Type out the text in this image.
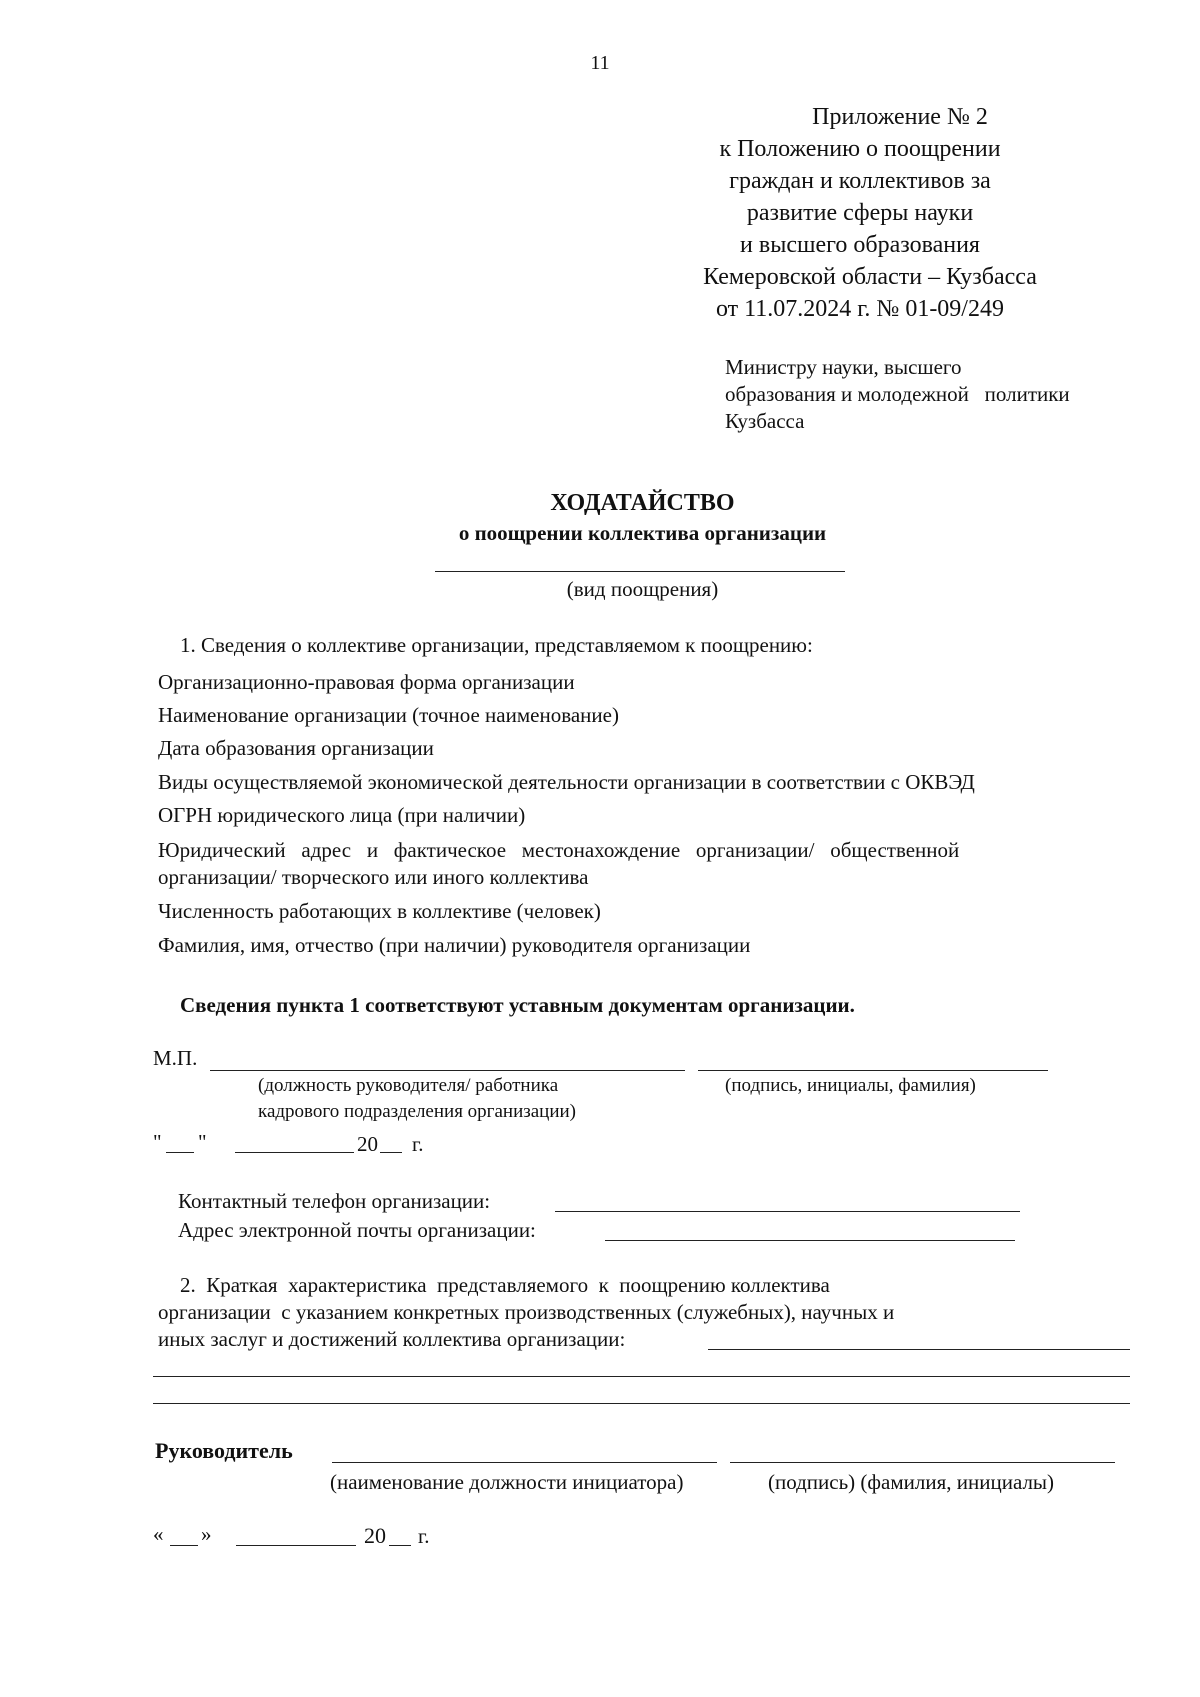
11
Приложение № 2
к Положению о поощрении
граждан и коллективов за
развитие сферы науки
и высшего образования
Кемеровской области – Кузбасса
от 11.07.2024 г. № 01-09/249
Министру науки, высшего
образования и молодежной   политики
Кузбасса
ХОДАТАЙСТВО
о поощрении коллектива организации
(вид поощрения)
1. Сведения о коллективе организации, представляемом к поощрению:
Организационно-правовая форма организации
Наименование организации (точное наименование)
Дата образования организации
Виды осуществляемой экономической деятельности организации в соответствии с ОКВЭД
ОГРН юридического лица (при наличии)
Юридический   адрес   и   фактическое   местонахождение   организации/   общественной
организации/ творческого или иного коллектива
Численность работающих в коллективе (человек)
Фамилия, имя, отчество (при наличии) руководителя организации
Сведения пункта 1 соответствуют уставным документам организации.
М.П.
(должность руководителя/ работника
кадрового подразделения организации)
(подпись, инициалы, фамилия)
" "	20 г.
Контактный телефон организации:
Адрес электронной почты организации:
2.  Краткая  характеристика  представляемого  к  поощрению коллектива
организации  с указанием конкретных производственных (служебных), научных и
иных заслуг и достижений коллектива организации:
Руководитель
(наименование должности инициатора)	(подпись) (фамилия, инициалы)
« »	20 г.
